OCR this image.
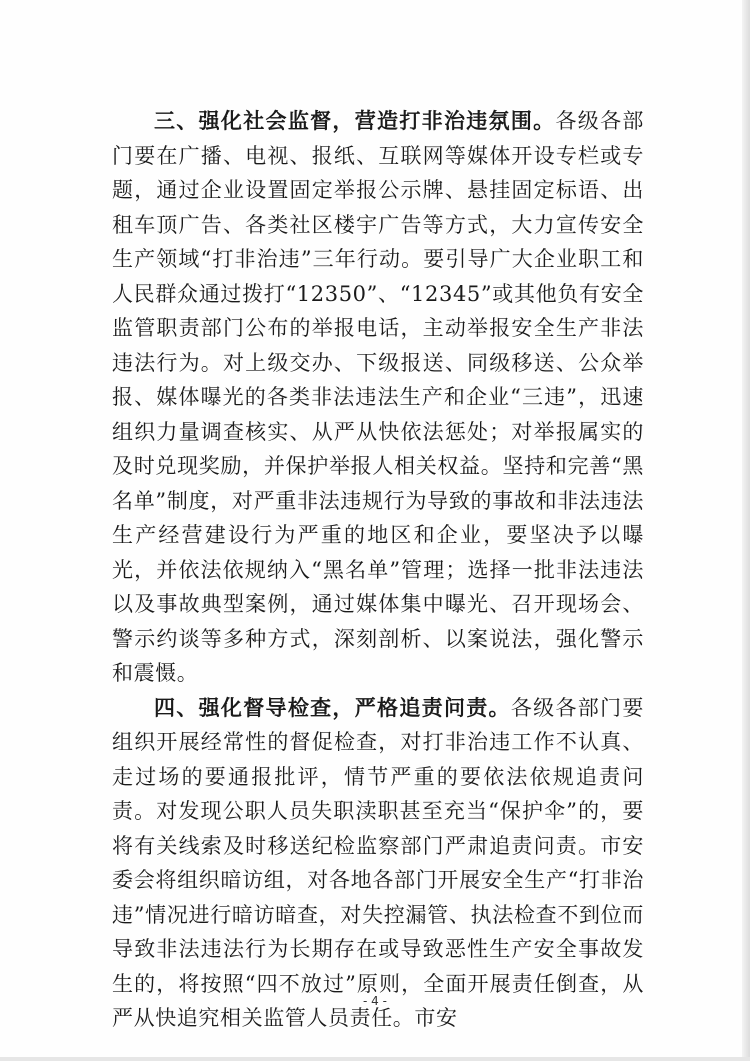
三、强化社会监督，营造打非治违氛围。各级各部门要在广播、电视、报纸、互联网等媒体开设专栏或专题，通过企业设置固定举报公示牌、悬挂固定标语、出租车顶广告、各类社区楼宇广告等方式，大力宣传安全生产领域“打非治违”三年行动。要引导广大企业职工和人民群众通过拨打“12350”、“12345”或其他负有安全监管职责部门公布的举报电话，主动举报安全生产非法违法行为。对上级交办、下级报送、同级移送、公众举报、媒体曝光的各类非法违法生产和企业“三违”，迅速组织力量调查核实、从严从快依法惩处；对举报属实的及时兑现奖励，并保护举报人相关权益。坚持和完善“黑名单”制度，对严重非法违规行为导致的事故和非法违法生产经营建设行为严重的地区和企业，要坚决予以曝光，并依法依规纳入“黑名单”管理；选择一批非法违法以及事故典型案例，通过媒体集中曝光、召开现场会、警示约谈等多种方式，深刻剖析、以案说法，强化警示和震慑。

四、强化督导检查，严格追责问责。各级各部门要组织开展经常性的督促检查，对打非治违工作不认真、走过场的要通报批评，情节严重的要依法依规追责问责。对发现公职人员失职渎职甚至充当“保护伞”的，要将有关线索及时移送纪检监察部门严肃追责问责。市安委会将组织暗访组，对各地各部门开展安全生产“打非治违”情况进行暗访暗查，对失控漏管、执法检查不到位而导致非法违法行为长期存在或导致恶性生产安全事故发生的，将按照“四不放过”原则，全面开展责任倒查，从严从快追究相关监管人员责任。市安

- 4 -
